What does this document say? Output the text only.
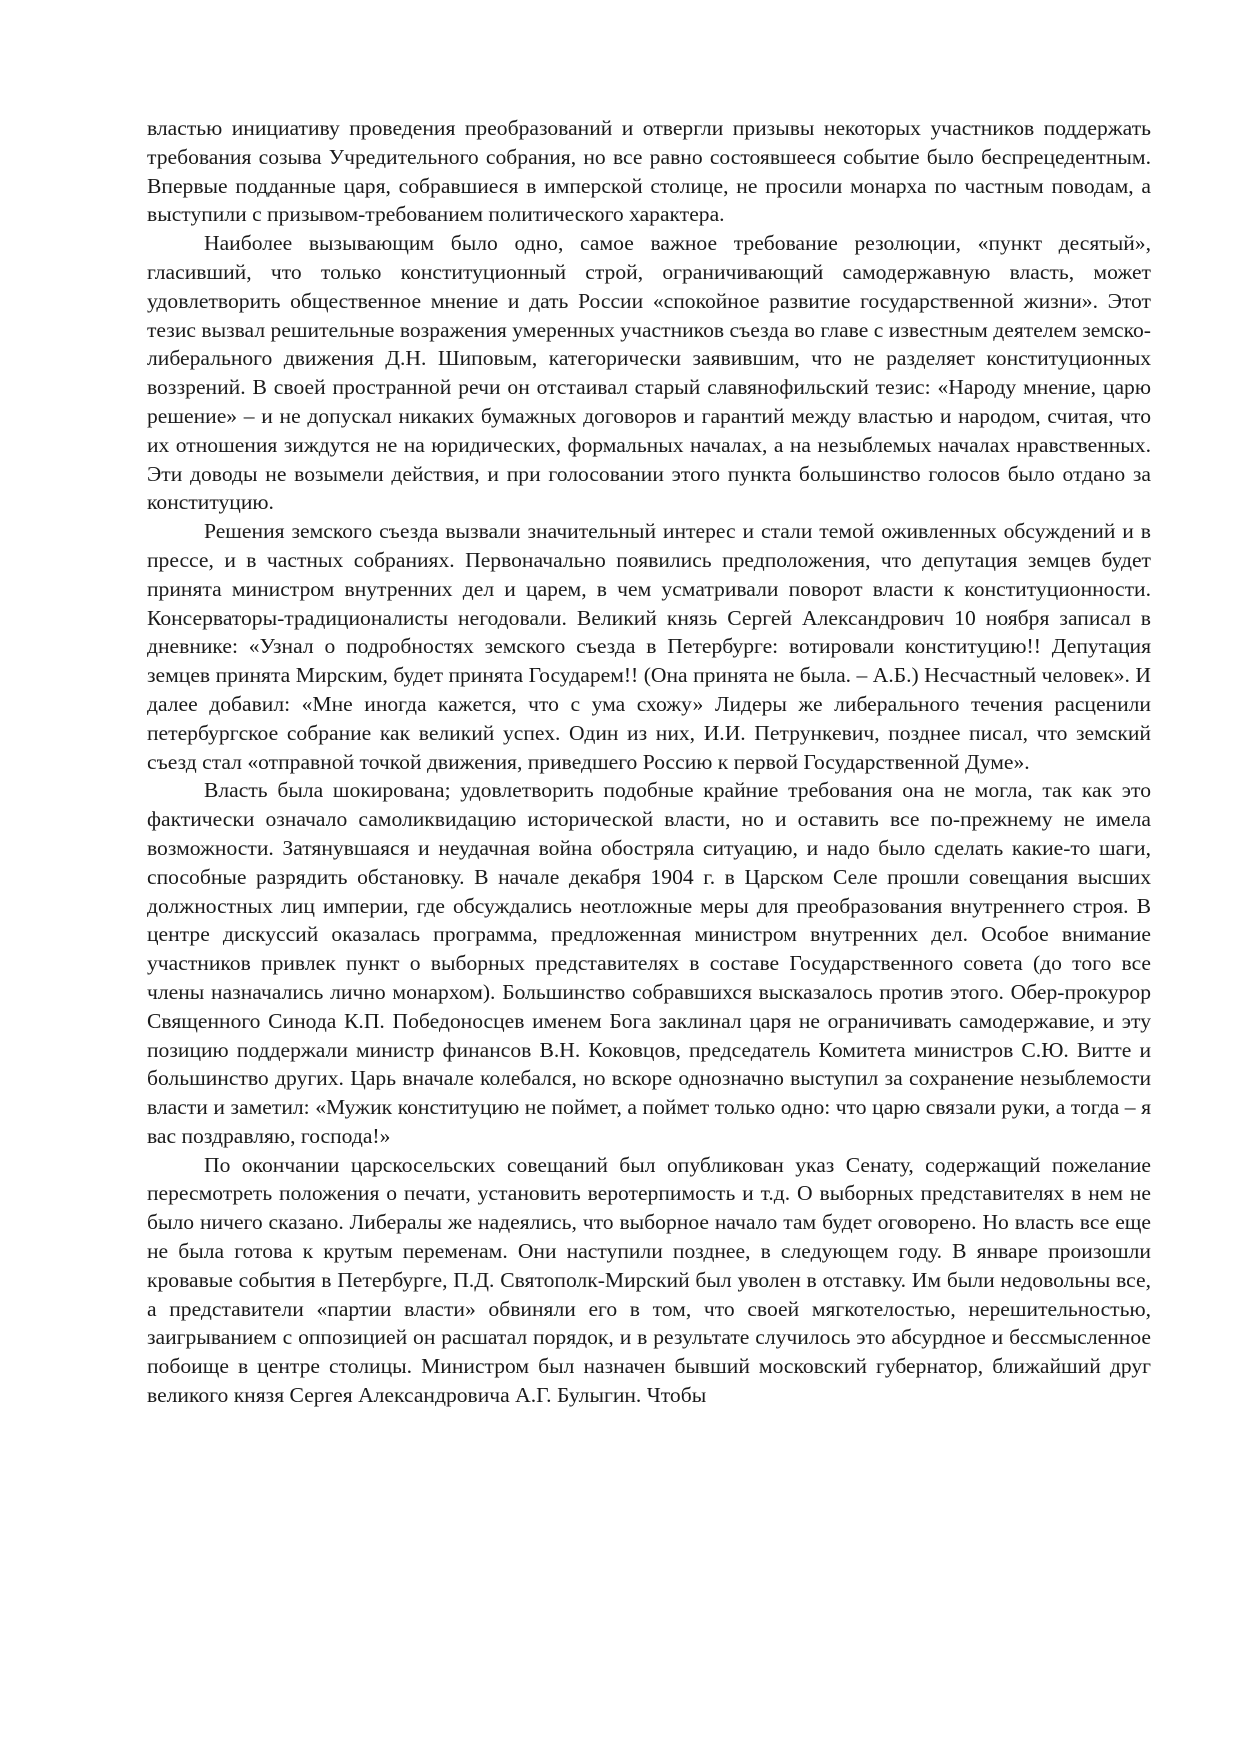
властью инициативу проведения преобразований и отвергли призывы некоторых участников поддержать требования созыва Учредительного собрания, но все равно состоявшееся событие было беспрецедентным. Впервые подданные царя, собравшиеся в имперской столице, не просили монарха по частным поводам, а выступили с призывом-требованием политического характера.

Наиболее вызывающим было одно, самое важное требование резолюции, «пункт десятый», гласивший, что только конституционный строй, ограничивающий самодержавную власть, может удовлетворить общественное мнение и дать России «спокойное развитие государственной жизни». Этот тезис вызвал решительные возражения умеренных участников съезда во главе с известным деятелем земско-либерального движения Д.Н. Шиповым, категорически заявившим, что не разделяет конституционных воззрений. В своей пространной речи он отстаивал старый славянофильский тезис: «Народу мнение, царю решение» – и не допускал никаких бумажных договоров и гарантий между властью и народом, считая, что их отношения зиждутся не на юридических, формальных началах, а на незыблемых началах нравственных. Эти доводы не возымели действия, и при голосовании этого пункта большинство голосов было отдано за конституцию.

Решения земского съезда вызвали значительный интерес и стали темой оживленных обсуждений и в прессе, и в частных собраниях. Первоначально появились предположения, что депутация земцев будет принята министром внутренних дел и царем, в чем усматривали поворот власти к конституционности. Консерваторы-традиционалисты негодовали. Великий князь Сергей Александрович 10 ноября записал в дневнике: «Узнал о подробностях земского съезда в Петербурге: вотировали конституцию!! Депутация земцев принята Мирским, будет принята Государем!! (Она принята не была. – А.Б.) Несчастный человек». И далее добавил: «Мне иногда кажется, что с ума схожу» Лидеры же либерального течения расценили петербургское собрание как великий успех. Один из них, И.И. Петрункевич, позднее писал, что земский съезд стал «отправной точкой движения, приведшего Россию к первой Государственной Думе».

Власть была шокирована; удовлетворить подобные крайние требования она не могла, так как это фактически означало самоликвидацию исторической власти, но и оставить все по-прежнему не имела возможности. Затянувшаяся и неудачная война обостряла ситуацию, и надо было сделать какие-то шаги, способные разрядить обстановку. В начале декабря 1904 г. в Царском Селе прошли совещания высших должностных лиц империи, где обсуждались неотложные меры для преобразования внутреннего строя. В центре дискуссий оказалась программа, предложенная министром внутренних дел. Особое внимание участников привлек пункт о выборных представителях в составе Государственного совета (до того все члены назначались лично монархом). Большинство собравшихся высказалось против этого. Обер-прокурор Священного Синода К.П. Победоносцев именем Бога заклинал царя не ограничивать самодержавие, и эту позицию поддержали министр финансов В.Н. Коковцов, председатель Комитета министров С.Ю. Витте и большинство других. Царь вначале колебался, но вскоре однозначно выступил за сохранение незыблемости власти и заметил: «Мужик конституцию не поймет, а поймет только одно: что царю связали руки, а тогда – я вас поздравляю, господа!»

По окончании царскосельских совещаний был опубликован указ Сенату, содержащий пожелание пересмотреть положения о печати, установить веротерпимость и т.д. О выборных представителях в нем не было ничего сказано. Либералы же надеялись, что выборное начало там будет оговорено. Но власть все еще не была готова к крутым переменам. Они наступили позднее, в следующем году. В январе произошли кровавые события в Петербурге, П.Д. Святополк-Мирский был уволен в отставку. Им были недовольны все, а представители «партии власти» обвиняли его в том, что своей мягкотелостью, нерешительностью, заигрыванием с оппозицией он расшатал порядок, и в результате случилось это абсурдное и бессмысленное побоище в центре столицы. Министром был назначен бывший московский губернатор, ближайший друг великого князя Сергея Александровича А.Г. Булыгин. Чтобы
